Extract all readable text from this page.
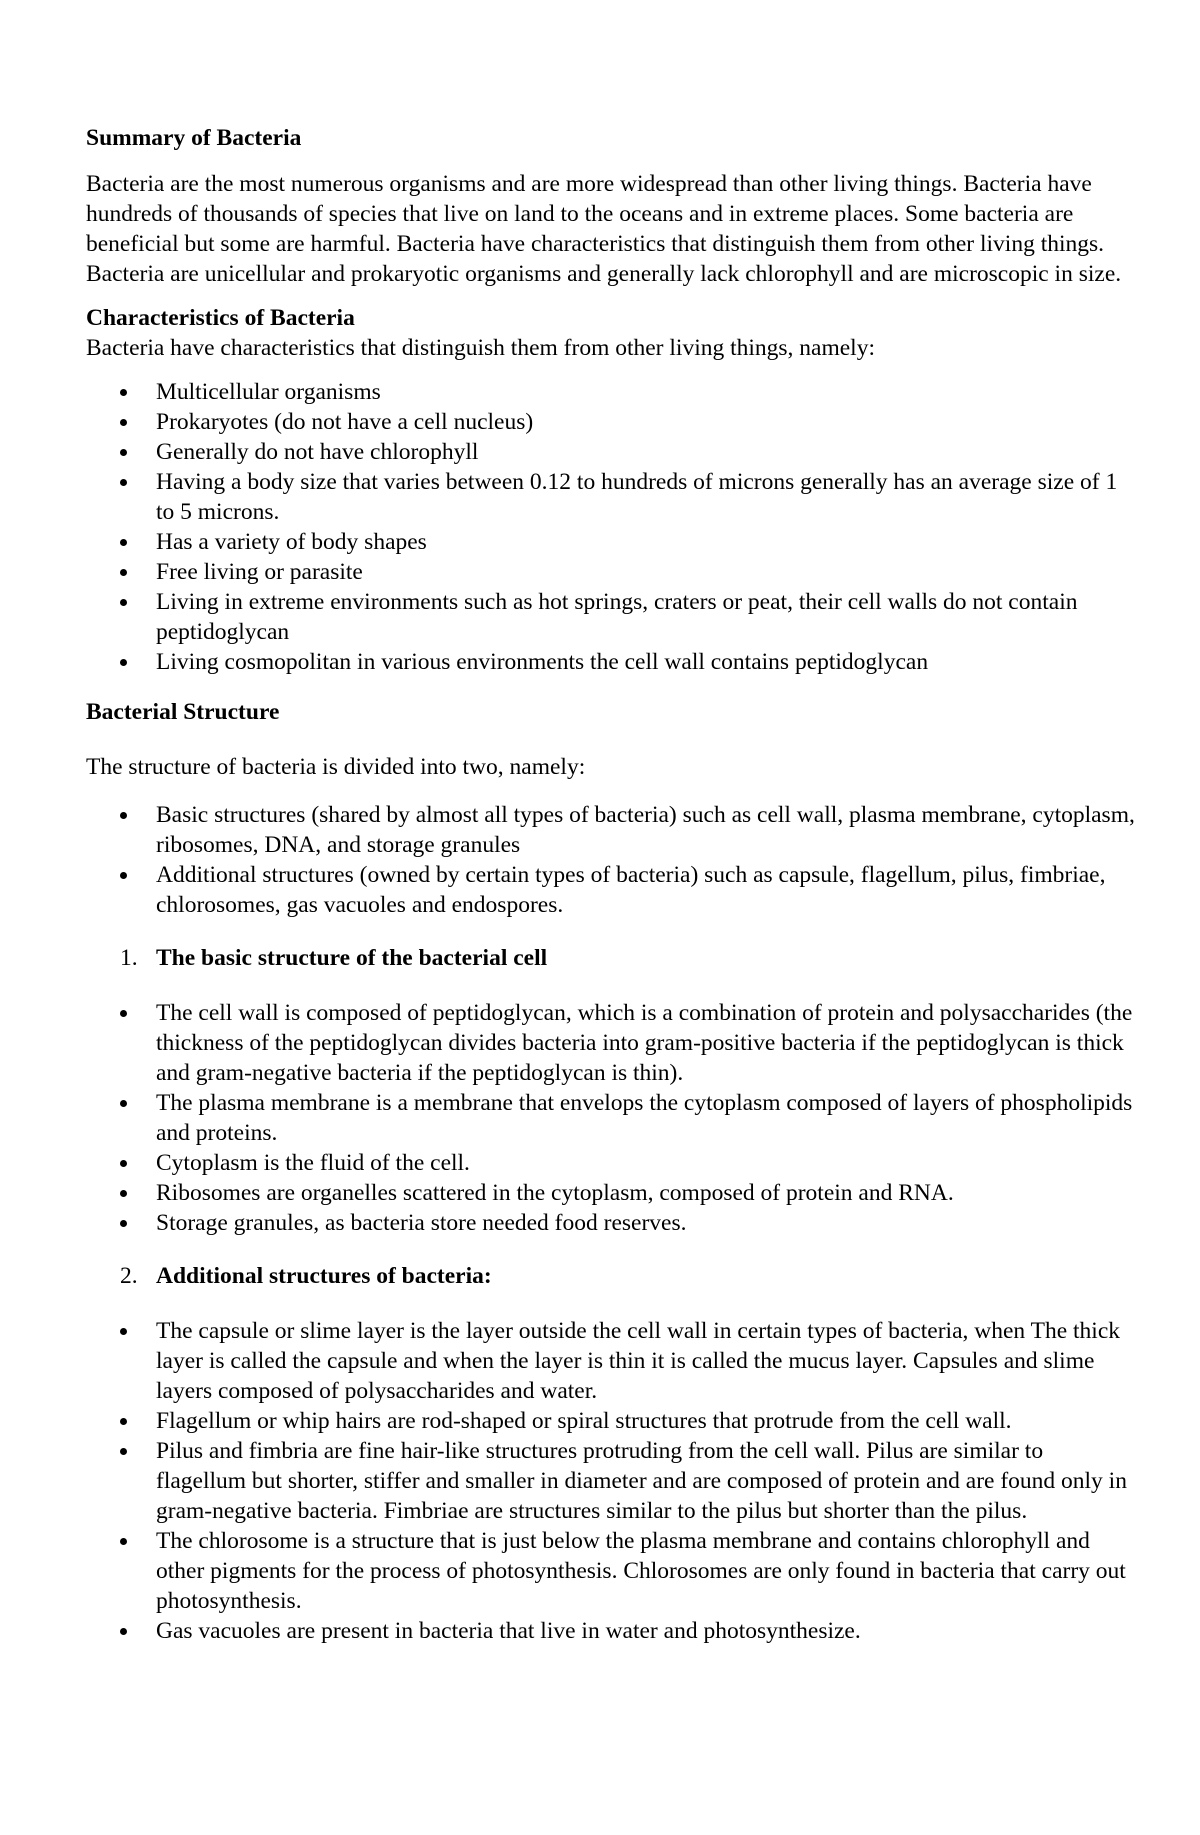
Summary of Bacteria

Bacteria are the most numerous organisms and are more widespread than other living things. Bacteria have hundreds of thousands of species that live on land to the oceans and in extreme places. Some bacteria are beneficial but some are harmful. Bacteria have characteristics that distinguish them from other living things. Bacteria are unicellular and prokaryotic organisms and generally lack chlorophyll and are microscopic in size.

Characteristics of Bacteria

Bacteria have characteristics that distinguish them from other living things, namely:

Multicellular organisms
Prokaryotes (do not have a cell nucleus)
Generally do not have chlorophyll
Having a body size that varies between 0.12 to hundreds of microns generally has an average size of 1 to 5 microns.
Has a variety of body shapes
Free living or parasite
Living in extreme environments such as hot springs, craters or peat, their cell walls do not contain peptidoglycan
Living cosmopolitan in various environments the cell wall contains peptidoglycan
Bacterial Structure

The structure of bacteria is divided into two, namely:

Basic structures (shared by almost all types of bacteria) such as cell wall, plasma membrane, cytoplasm, ribosomes, DNA, and storage granules
Additional structures (owned by certain types of bacteria) such as capsule, flagellum, pilus, fimbriae, chlorosomes, gas vacuoles and endospores.
1. The basic structure of the bacterial cell
The cell wall is composed of peptidoglycan, which is a combination of protein and polysaccharides (the thickness of the peptidoglycan divides bacteria into gram-positive bacteria if the peptidoglycan is thick and gram-negative bacteria if the peptidoglycan is thin).
The plasma membrane is a membrane that envelops the cytoplasm composed of layers of phospholipids and proteins.
Cytoplasm is the fluid of the cell.
Ribosomes are organelles scattered in the cytoplasm, composed of protein and RNA.
Storage granules, as bacteria store needed food reserves.
2. Additional structures of bacteria:
The capsule or slime layer is the layer outside the cell wall in certain types of bacteria, when The thick layer is called the capsule and when the layer is thin it is called the mucus layer. Capsules and slime layers composed of polysaccharides and water.
Flagellum or whip hairs are rod-shaped or spiral structures that protrude from the cell wall.
Pilus and fimbria are fine hair-like structures protruding from the cell wall. Pilus are similar to flagellum but shorter, stiffer and smaller in diameter and are composed of protein and are found only in gram-negative bacteria. Fimbriae are structures similar to the pilus but shorter than the pilus.
The chlorosome is a structure that is just below the plasma membrane and contains chlorophyll and other pigments for the process of photosynthesis. Chlorosomes are only found in bacteria that carry out photosynthesis.
Gas vacuoles are present in bacteria that live in water and photosynthesize.
